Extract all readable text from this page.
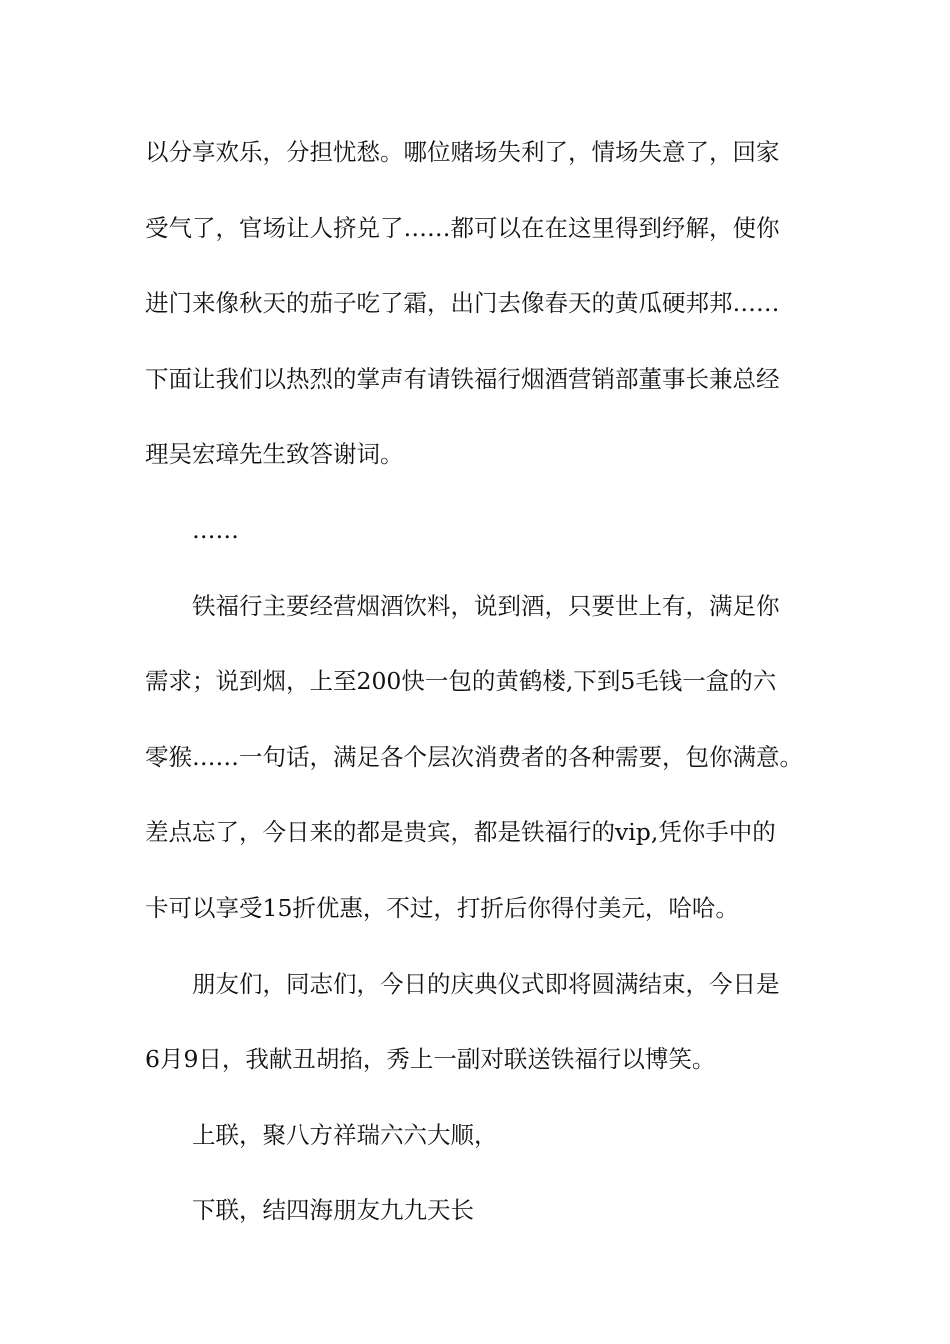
以分享欢乐，分担忧愁。哪位赌场失利了，情场失意了，回家
受气了，官场让人挤兑了……都可以在在这里得到纾解，使你
进门来像秋天的茄子吃了霜，出门去像春天的黄瓜硬邦邦……
下面让我们以热烈的掌声有请铁福行烟酒营销部董事长兼总经
理吴宏璋先生致答谢词。
……
铁福行主要经营烟酒饮料，说到酒，只要世上有，满足你
需求；说到烟，上至200快一包的黄鹤楼,下到5毛钱一盒的六
零猴……一句话，满足各个层次消费者的各种需要，包你满意。
差点忘了，今日来的都是贵宾，都是铁福行的vip,凭你手中的
卡可以享受15折优惠，不过，打折后你得付美元，哈哈。
朋友们，同志们，今日的庆典仪式即将圆满结束，今日是
6月9日，我献丑胡掐，秀上一副对联送铁福行以博笑。
上联，聚八方祥瑞六六大顺，
下联，结四海朋友九九天长
